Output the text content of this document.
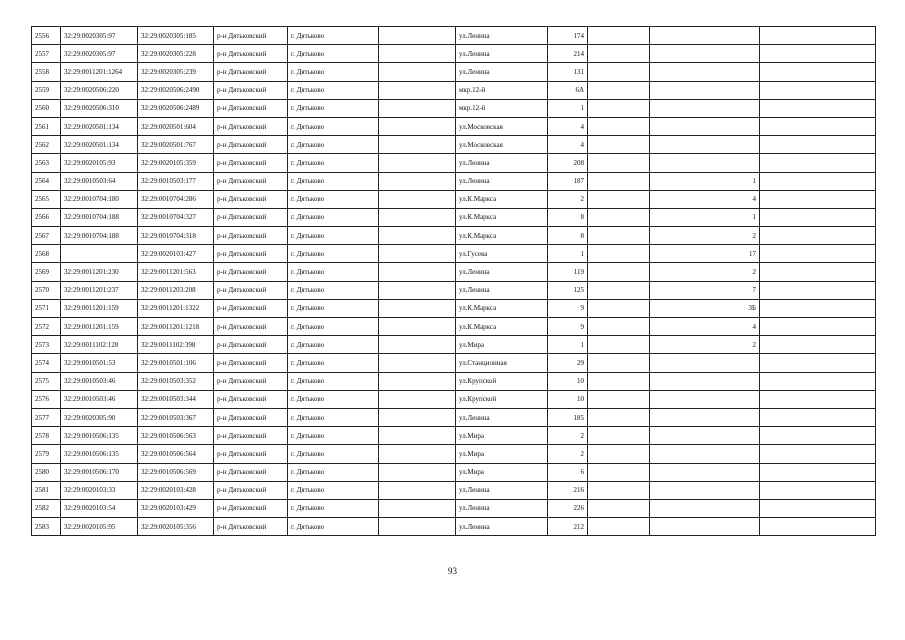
2556	32:29:0020305:97	32:29:0020305:185	р-н Дятьковский	г. Дятьково		ул.Ленина	174			
2557	32:29:0020305:97	32:29:0020305:228	р-н Дятьковский	г. Дятьково		ул.Ленина	214			
2558	32:29:0011201:1264	32:29:0020305:239	р-н Дятьковский	г. Дятьково		ул.Ленина	131			
2559	32:29:0020506:220	32:29:0020506:2490	р-н Дятьковский	г. Дятьково		мкр.12-й	6А			
2560	32:29:0020506:310	32:29:0020506:2489	р-н Дятьковский	г. Дятьково		мкр.12-й	1			
2561	32:29:0020501:134	32:29:0020501:604	р-н Дятьковский	г. Дятьково		ул.Московская	4			
2562	32:29:0020501:134	32:29:0020501:767	р-н Дятьковский	г. Дятьково		ул.Московская	4			
2563	32:29:0020105:93	32:29:0020105:359	р-н Дятьковский	г. Дятьково		ул.Ленина	208			
2564	32:29:0010503:64	32:29:0010503:177	р-н Дятьковский	г. Дятьково		ул.Ленина	187		1	
2565	32:29:0010704:180	32:29:0010704:286	р-н Дятьковский	г. Дятьково		ул.К.Маркса	2		4	
2566	32:29:0010704:188	32:29:0010704:327	р-н Дятьковский	г. Дятьково		ул.К.Маркса	8		1	
2567	32:29:0010704:188	32:29:0010704:318	р-н Дятьковский	г. Дятьково		ул.К.Маркса	8		2	
2568		32:29:0020103:427	р-н Дятьковский	г. Дятьково		ул.Гусева	1		17	
2569	32:29:0011201:230	32:29:0011201:563	р-н Дятьковский	г. Дятьково		ул.Ленина	119		2	
2570	32:29:0011201:237	32:29:0011203:208	р-н Дятьковский	г. Дятьково		ул.Ленина	125		7	
2571	32:29:0011201:159	32:29:0011201:1322	р-н Дятьковский	г. Дятьково		ул.К.Маркса	9		3Б	
2572	32:29:0011201:159	32:29:0011201:1218	р-н Дятьковский	г. Дятьково		ул.К.Маркса	9		4	
2573	32:29:0011102:128	32:29:0011102:398	р-н Дятьковский	г. Дятьково		ул.Мира	1		2	
2574	32:29:0010501:53	32:29:0010501:106	р-н Дятьковский	г. Дятьково		ул.Станционная	29			
2575	32:29:0010503:46	32:29:0010503:352	р-н Дятьковский	г. Дятьково		ул.Крупской	10			
2576	32:29:0010503:46	32:29:0010503:344	р-н Дятьковский	г. Дятьково		ул.Крупской	10			
2577	32:29:0020305:90	32:29:0010503:367	р-н Дятьковский	г. Дятьково		ул.Ленина	185			
2578	32:29:0010506:135	32:29:0010506:563	р-н Дятьковский	г. Дятьково		ул.Мира	2			
2579	32:29:0010506:135	32:29:0010506:564	р-н Дятьковский	г. Дятьково		ул.Мира	2			
2580	32:29:0010506:170	32:29:0010506:569	р-н Дятьковский	г. Дятьково		ул.Мира	6			
2581	32:29:0020103:33	32:29:0020103:428	р-н Дятьковский	г. Дятьково		ул.Ленина	216			
2582	32:29:0020103:54	32:29:0020103:429	р-н Дятьковский	г. Дятьково		ул.Ленина	226			
2583	32:29:0020105:95	32:29:0020105:356	р-н Дятьковский	г. Дятьково		ул.Ленина	212			
93
